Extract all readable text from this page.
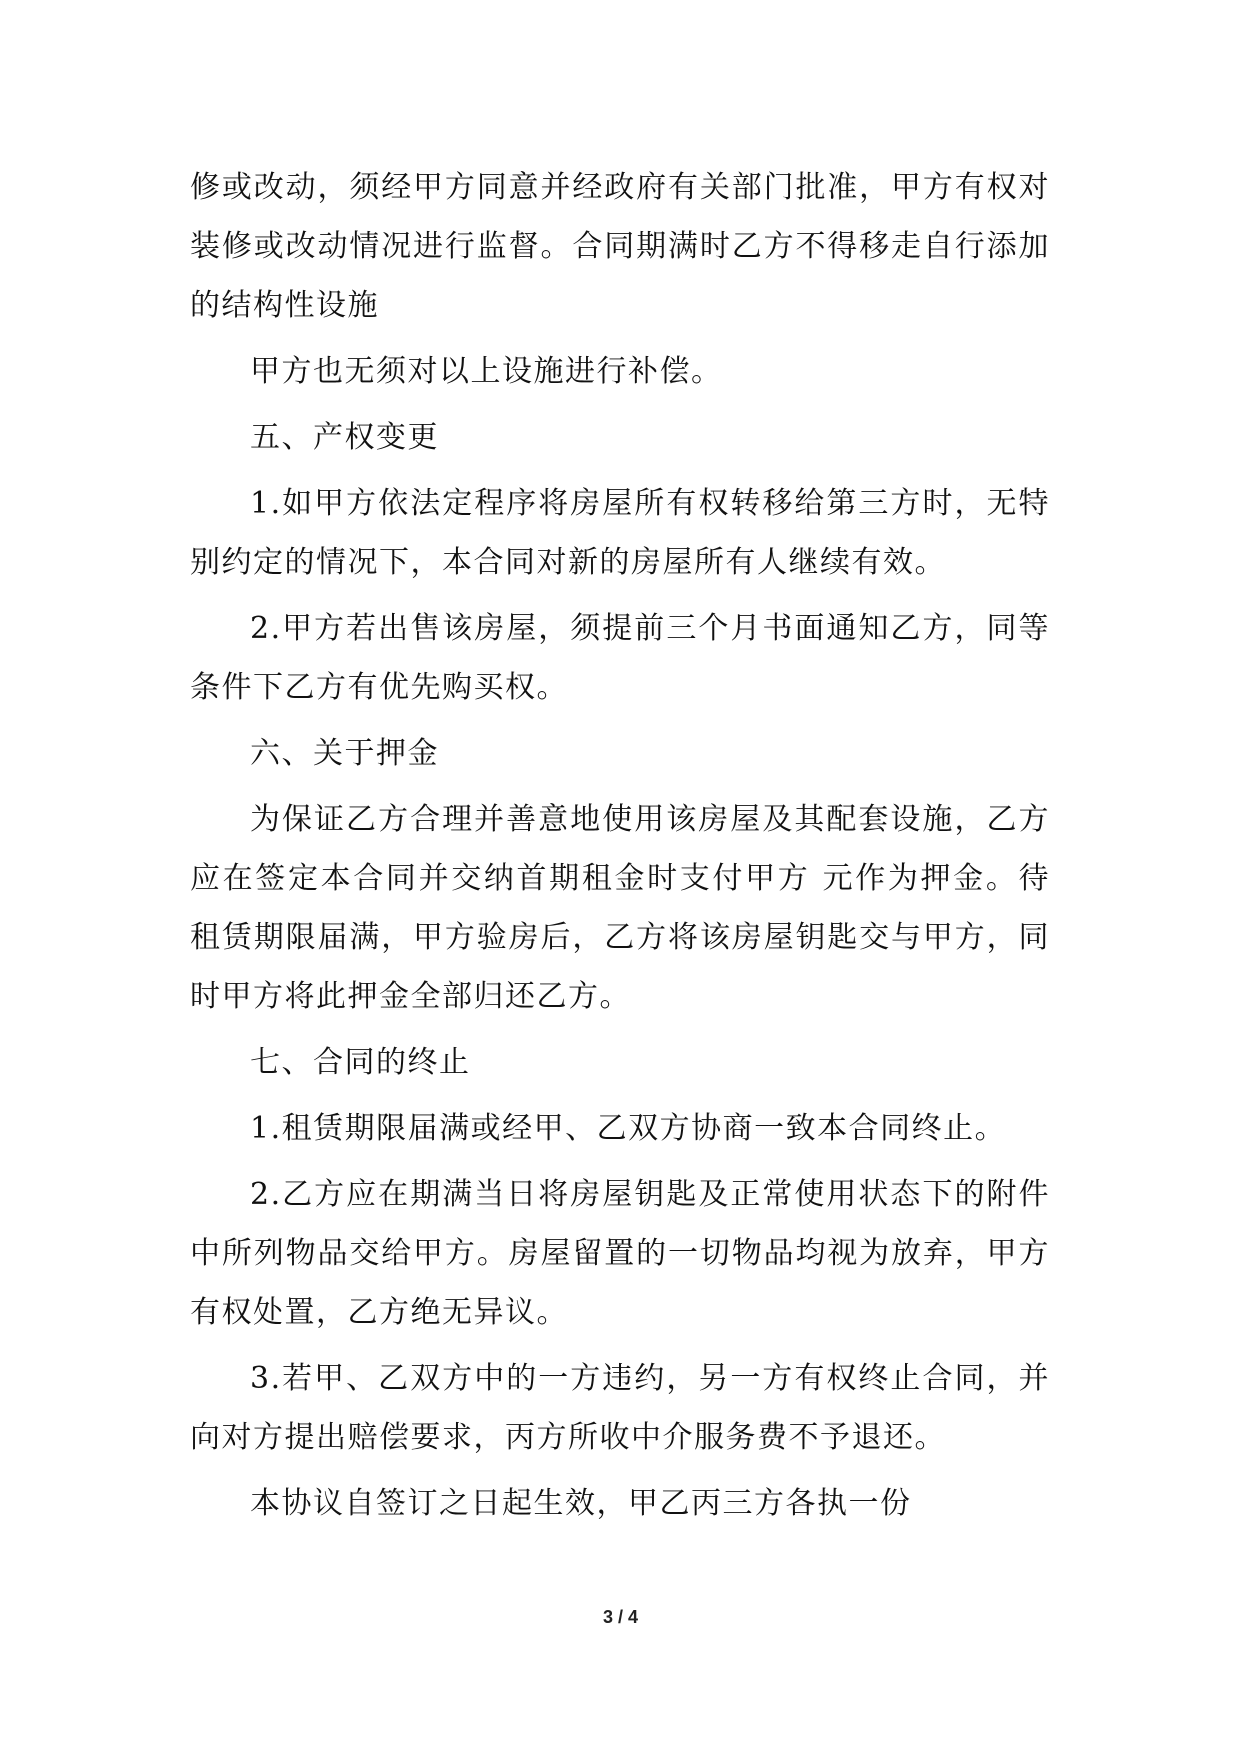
修或改动，须经甲方同意并经政府有关部门批准，甲方有权对装修或改动情况进行监督。合同期满时乙方不得移走自行添加的结构性设施

甲方也无须对以上设施进行补偿。

五、产权变更

1.如甲方依法定程序将房屋所有权转移给第三方时，无特别约定的情况下，本合同对新的房屋所有人继续有效。

2.甲方若出售该房屋，须提前三个月书面通知乙方，同等条件下乙方有优先购买权。

六、关于押金

为保证乙方合理并善意地使用该房屋及其配套设施，乙方应在签定本合同并交纳首期租金时支付甲方 元作为押金。待租赁期限届满，甲方验房后，乙方将该房屋钥匙交与甲方，同时甲方将此押金全部归还乙方。

七、合同的终止

1.租赁期限届满或经甲、乙双方协商一致本合同终止。

2.乙方应在期满当日将房屋钥匙及正常使用状态下的附件中所列物品交给甲方。房屋留置的一切物品均视为放弃，甲方有权处置，乙方绝无异议。

3.若甲、乙双方中的一方违约，另一方有权终止合同，并向对方提出赔偿要求，丙方所收中介服务费不予退还。

本协议自签订之日起生效，甲乙丙三方各执一份

3 / 4
